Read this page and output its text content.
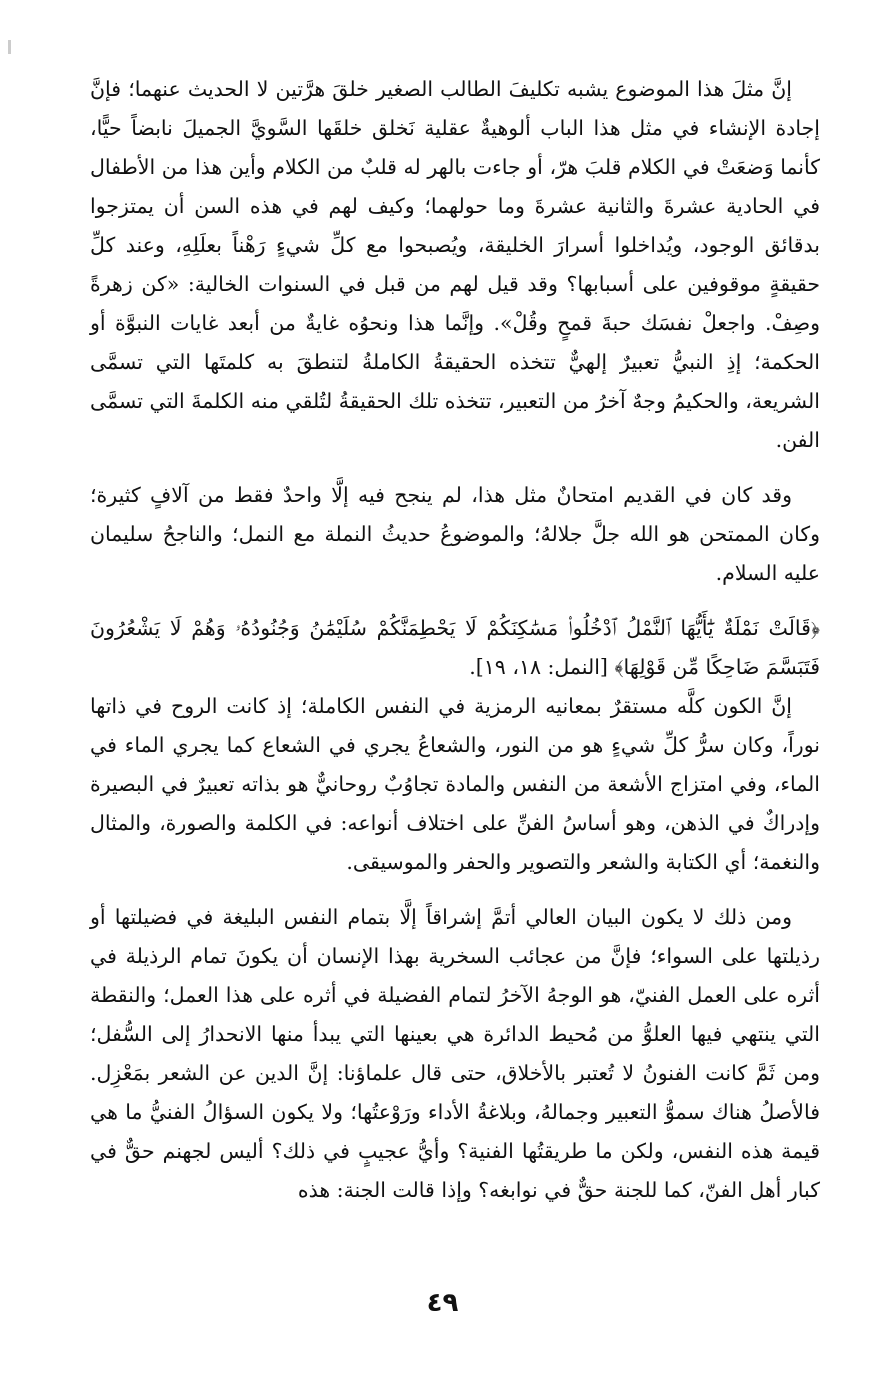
إنَّ مثلَ هذا الموضوع يشبه تكليفَ الطالب الصغير خلقَ هرَّتين لا الحديث عنهما؛ فإنَّ إجادة الإنشاء في مثل هذا الباب ألوهيةٌ عقلية نَخلق خلقَها السَّويَّ الجميلَ نابضاً حيًّا، كأنما وَضعَتْ في الكلام قلبَ هرّ، أو جاءت بالهر له قلبٌ من الكلام وأين هذا من الأطفال في الحادية عشرةَ والثانية عشرةَ وما حولهما؛ وكيف لهم في هذه السن أن يمتزجوا بدقائق الوجود، ويُداخلوا أسرارَ الخليقة، ويُصبحوا مع كلِّ شيءٍ رَهْناً بعلَلِهِ، وعند كلِّ حقيقةٍ موقوفين على أسبابها؟ وقد قيل لهم من قبل في السنوات الخالية: «كن زهرةً وصِفْ. واجعلْ نفسَك حبةَ قمحٍ وقُلْ». وإنَّما هذا ونحوُه غايةٌ من أبعد غايات النبوَّة أو الحكمة؛ إذِ النبيُّ تعبيرٌ إلهيٌّ تتخذه الحقيقةُ الكاملةُ لتنطقَ به كلمتَها التي تسمَّى الشريعة، والحكيمُ وجهٌ آخرُ من التعبير، تتخذه تلك الحقيقةُ لتُلقي منه الكلمةَ التي تسمَّى الفن.

وقد كان في القديم امتحانٌ مثل هذا، لم ينجح فيه إلَّا واحدٌ فقط من آلافٍ كثيرة؛ وكان الممتحن هو الله جلَّ جلالهُ؛ والموضوعُ حديثُ النملة مع النمل؛ والناجحُ سليمان عليه السلام.

﴿قَالَتْ نَمْلَةٌ يَٰٓأَيُّهَا ٱلنَّمْلُ ٱدْخُلُوا۟ مَسَٰكِنَكُمْ لَا يَحْطِمَنَّكُمْ سُلَيْمَٰنُ وَجُنُودُهُۥ وَهُمْ لَا يَشْعُرُونَ فَتَبَسَّمَ ضَاحِكًا مِّن قَوْلِهَا﴾ [النمل: ١٨، ١٩].

إنَّ الكون كلَّه مستقرٌ بمعانيه الرمزية في النفس الكاملة؛ إذ كانت الروح في ذاتها نوراً، وكان سرُّ كلِّ شيءٍ هو من النور، والشعاعُ يجري في الشعاع كما يجري الماء في الماء، وفي امتزاج الأشعة من النفس والمادة تجاوُبٌ روحانيٌّ هو بذاته تعبيرٌ في البصيرة وإدراكٌ في الذهن، وهو أساسُ الفنِّ على اختلاف أنواعه: في الكلمة والصورة، والمثال والنغمة؛ أي الكتابة والشعر والتصوير والحفر والموسيقى.

ومن ذلك لا يكون البيان العالي أتمَّ إشراقاً إلَّا بتمام النفس البليغة في فضيلتها أو رذيلتها على السواء؛ فإنَّ من عجائب السخرية بهذا الإنسان أن يكونَ تمام الرذيلة في أثره على العمل الفنيّ، هو الوجهُ الآخرُ لتمام الفضيلة في أثره على هذا العمل؛ والنقطة التي ينتهي فيها العلوُّ من مُحيط الدائرة هي بعينها التي يبدأ منها الانحدارُ إلى السُّفل؛ ومن ثَمَّ كانت الفنونُ لا تُعتبر بالأخلاق، حتى قال علماؤنا: إنَّ الدين عن الشعر بمَعْزِل. فالأصلُ هناك سموُّ التعبير وجمالهُ، وبلاغةُ الأداء ورَوْعتُها؛ ولا يكون السؤالُ الفنيُّ ما هي قيمة هذه النفس، ولكن ما طريقتُها الفنية؟ وأيُّ عجيبٍ في ذلك؟ أليس لجهنم حقٌّ في كبار أهل الفنّ، كما للجنة حقٌّ في نوابغه؟ وإذا قالت الجنة: هذه

٤٩
